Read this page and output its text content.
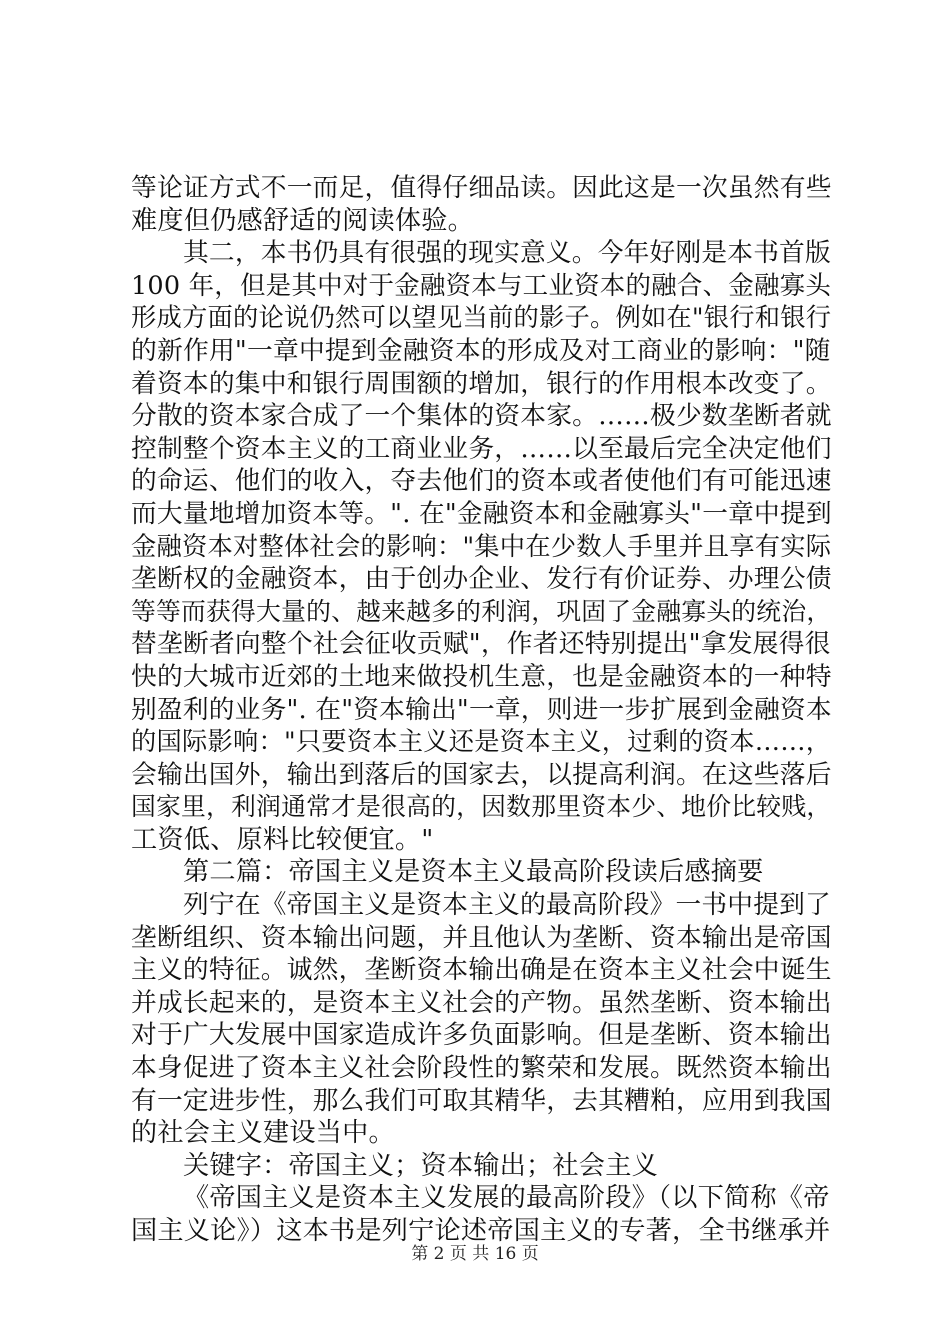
等论证方式不一而足，值得仔细品读。因此这是一次虽然有些
难度但仍感舒适的阅读体验。
其二，本书仍具有很强的现实意义。今年好刚是本书首版
100 年，但是其中对于金融资本与工业资本的融合、金融寡头
形成方面的论说仍然可以望见当前的影子。例如在"银行和银行
的新作用"一章中提到金融资本的形成及对工商业的影响："随
着资本的集中和银行周围额的增加，银行的作用根本改变了。
分散的资本家合成了一个集体的资本家。……极少数垄断者就
控制整个资本主义的工商业业务，……以至最后完全决定他们
的命运、他们的收入，夺去他们的资本或者使他们有可能迅速
而大量地增加资本等。". 在"金融资本和金融寡头"一章中提到
金融资本对整体社会的影响："集中在少数人手里并且享有实际
垄断权的金融资本，由于创办企业、发行有价证券、办理公债
等等而获得大量的、越来越多的利润，巩固了金融寡头的统治，
替垄断者向整个社会征收贡赋"，作者还特别提出"拿发展得很
快的大城市近郊的土地来做投机生意，也是金融资本的一种特
别盈利的业务". 在"资本输出"一章，则进一步扩展到金融资本
的国际影响："只要资本主义还是资本主义，过剩的资本……，
会输出国外，输出到落后的国家去，以提高利润。在这些落后
国家里，利润通常才是很高的，因数那里资本少、地价比较贱，
工资低、原料比较便宜。"
第二篇：帝国主义是资本主义最高阶段读后感摘要
列宁在《帝国主义是资本主义的最高阶段》一书中提到了
垄断组织、资本输出问题，并且他认为垄断、资本输出是帝国
主义的特征。诚然，垄断资本输出确是在资本主义社会中诞生
并成长起来的，是资本主义社会的产物。虽然垄断、资本输出
对于广大发展中国家造成许多负面影响。但是垄断、资本输出
本身促进了资本主义社会阶段性的繁荣和发展。既然资本输出
有一定进步性，那么我们可取其精华，去其糟粕，应用到我国
的社会主义建设当中。
关键字：帝国主义；资本输出；社会主义
《帝国主义是资本主义发展的最高阶段》（以下简称《帝
国主义论》）这本书是列宁论述帝国主义的专著，全书继承并
第 2 页 共 16 页
